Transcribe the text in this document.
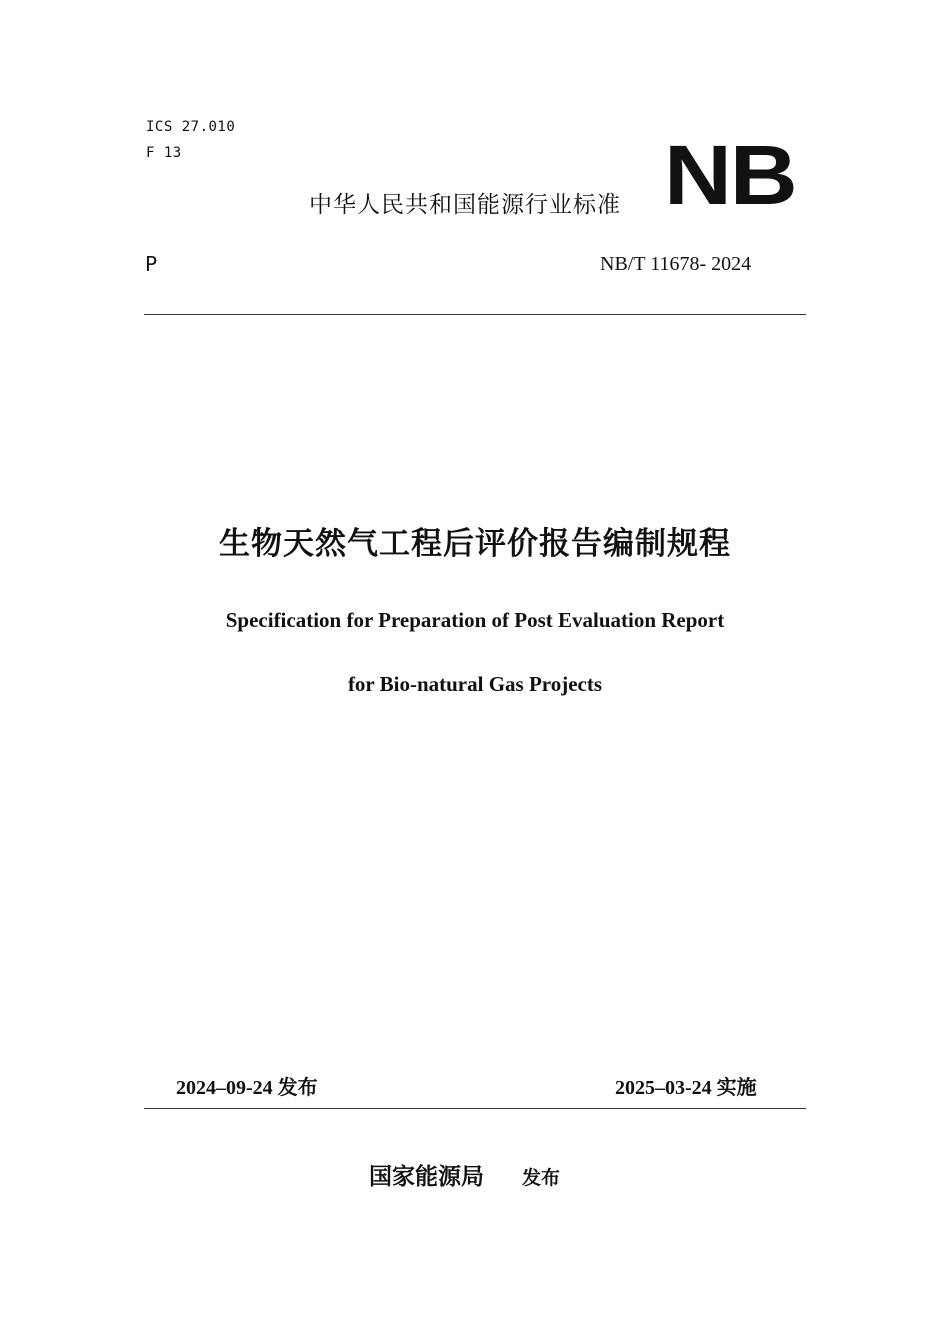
ICS 27.010
F 13	NB
中华人民共和国能源行业标准
P	NB/T 11678- 2024
生物天然气工程后评价报告编制规程
Specification for Preparation of Post Evaluation Report
for Bio-natural Gas Projects
2024–09-24 发布	2025–03-24 实施
国家能源局 发布
